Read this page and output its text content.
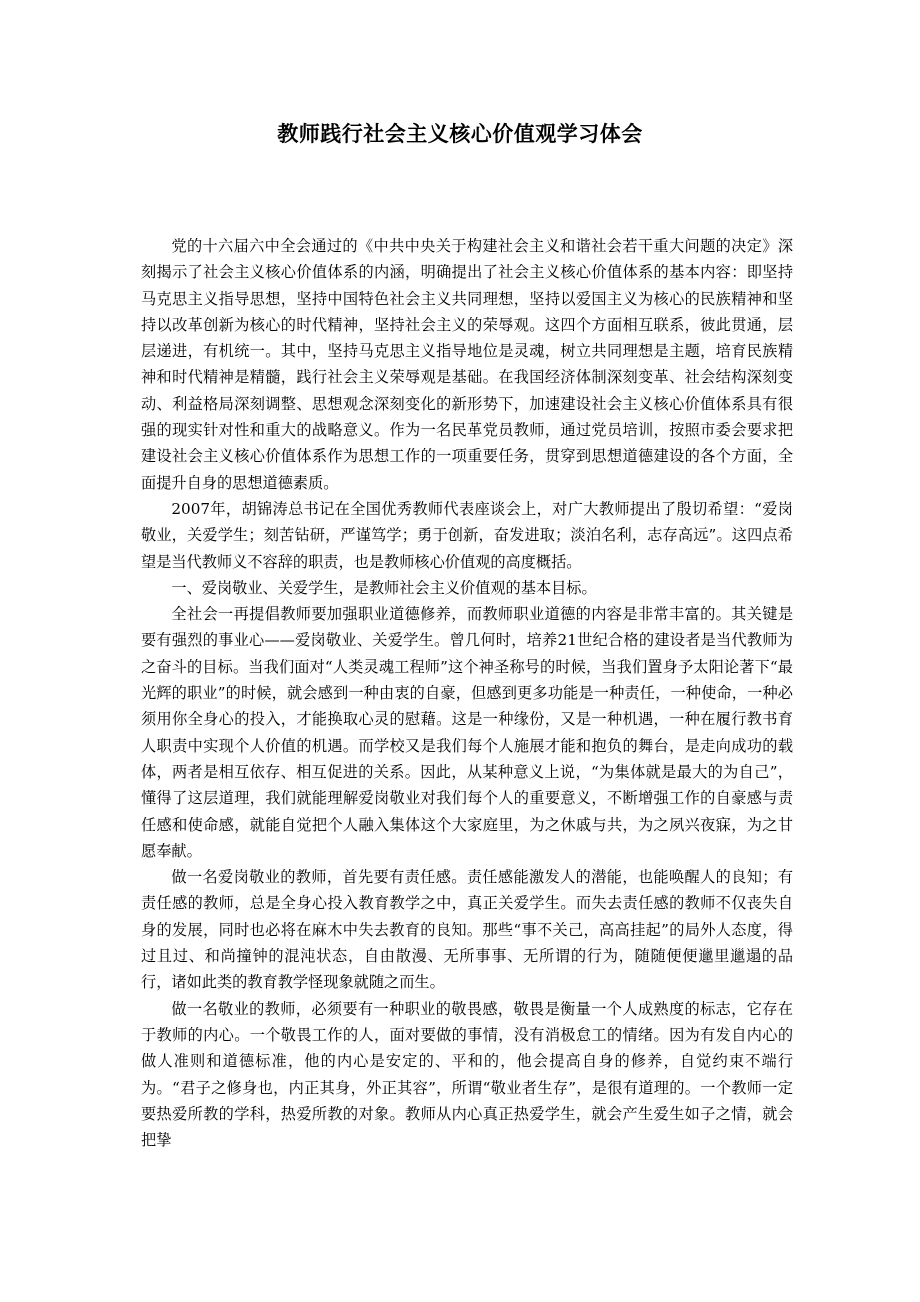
教师践行社会主义核心价值观学习体会

党的十六届六中全会通过的《中共中央关于构建社会主义和谐社会若干重大问题的决定》深刻揭示了社会主义核心价值体系的内涵，明确提出了社会主义核心价值体系的基本内容：即坚持马克思主义指导思想，坚持中国特色社会主义共同理想，坚持以爱国主义为核心的民族精神和坚持以改革创新为核心的时代精神，坚持社会主义的荣辱观。这四个方面相互联系，彼此贯通，层层递进，有机统一。其中，坚持马克思主义指导地位是灵魂，树立共同理想是主题，培育民族精神和时代精神是精髓，践行社会主义荣辱观是基础。在我国经济体制深刻变革、社会结构深刻变动、利益格局深刻调整、思想观念深刻变化的新形势下，加速建设社会主义核心价值体系具有很强的现实针对性和重大的战略意义。作为一名民革党员教师，通过党员培训，按照市委会要求把建设社会主义核心价值体系作为思想工作的一项重要任务，贯穿到思想道德建设的各个方面，全面提升自身的思想道德素质。

2007年，胡锦涛总书记在全国优秀教师代表座谈会上，对广大教师提出了殷切希望：“爱岗敬业，关爱学生；刻苦钻研，严谨笃学；勇于创新，奋发进取；淡泊名利，志存高远”。这四点希望是当代教师义不容辞的职责，也是教师核心价值观的高度概括。

一、爱岗敬业、关爱学生，是教师社会主义价值观的基本目标。

全社会一再提倡教师要加强职业道德修养，而教师职业道德的内容是非常丰富的。其关键是要有强烈的事业心——爱岗敬业、关爱学生。曾几何时，培养21世纪合格的建设者是当代教师为之奋斗的目标。当我们面对“人类灵魂工程师”这个神圣称号的时候，当我们置身予太阳论著下“最光辉的职业”的时候，就会感到一种由衷的自豪，但感到更多功能是一种责任，一种使命，一种必须用你全身心的投入，才能换取心灵的慰藉。这是一种缘份，又是一种机遇，一种在履行教书育人职责中实现个人价值的机遇。而学校又是我们每个人施展才能和抱负的舞台，是走向成功的载体，两者是相互依存、相互促进的关系。因此，从某种意义上说，“为集体就是最大的为自己”，懂得了这层道理，我们就能理解爱岗敬业对我们每个人的重要意义，不断增强工作的自豪感与责任感和使命感，就能自觉把个人融入集体这个大家庭里，为之休戚与共，为之夙兴夜寐，为之甘愿奉献。

做一名爱岗敬业的教师，首先要有责任感。责任感能激发人的潜能，也能唤醒人的良知；有责任感的教师，总是全身心投入教育教学之中，真正关爱学生。而失去责任感的教师不仅丧失自身的发展，同时也必将在麻木中失去教育的良知。那些“事不关己，高高挂起”的局外人态度，得过且过、和尚撞钟的混沌状态，自由散漫、无所事事、无所谓的行为，随随便便邋里邋遢的品行，诸如此类的教育教学怪现象就随之而生。

做一名敬业的教师，必须要有一种职业的敬畏感，敬畏是衡量一个人成熟度的标志，它存在于教师的内心。一个敬畏工作的人，面对要做的事情，没有消极怠工的情绪。因为有发自内心的做人准则和道德标准，他的内心是安定的、平和的，他会提高自身的修养，自觉约束不端行为。“君子之修身也，内正其身，外正其容”，所谓“敬业者生存”，是很有道理的。一个教师一定要热爱所教的学科，热爱所教的对象。教师从内心真正热爱学生，就会产生爱生如子之情，就会把挚
